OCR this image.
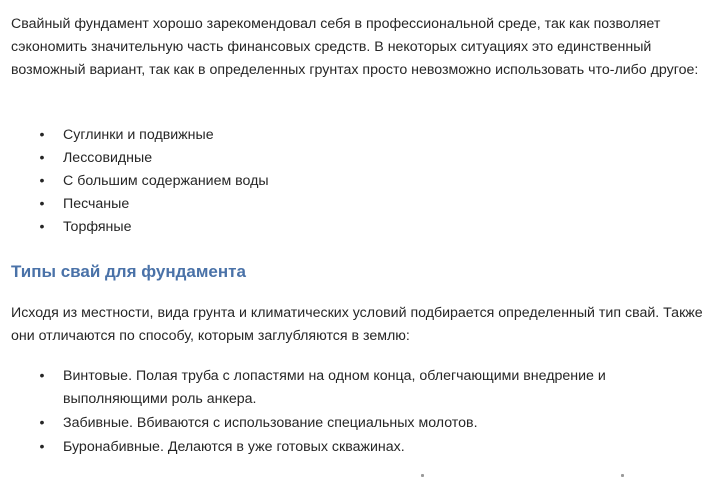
Свайный фундамент хорошо зарекомендовал себя в профессиональной среде, так как позволяет сэкономить значительную часть финансовых средств. В некоторых ситуациях это единственный возможный вариант, так как в определенных грунтах просто невозможно использовать что-либо другое:

• Суглинки и подвижные
• Лессовидные
• С большим содержанием воды
• Песчаные
• Торфяные
Типы свай для фундамента

Исходя из местности, вида грунта и климатических условий подбирается определенный тип свай. Также они отличаются по способу, которым заглубляются в землю:

• Винтовые. Полая труба с лопастями на одном конца, облегчающими внедрение и выполняющими роль анкера.
• Забивные. Вбиваются с использование специальных молотов.
• Буронабивные. Делаются в уже готовых скважинах.
